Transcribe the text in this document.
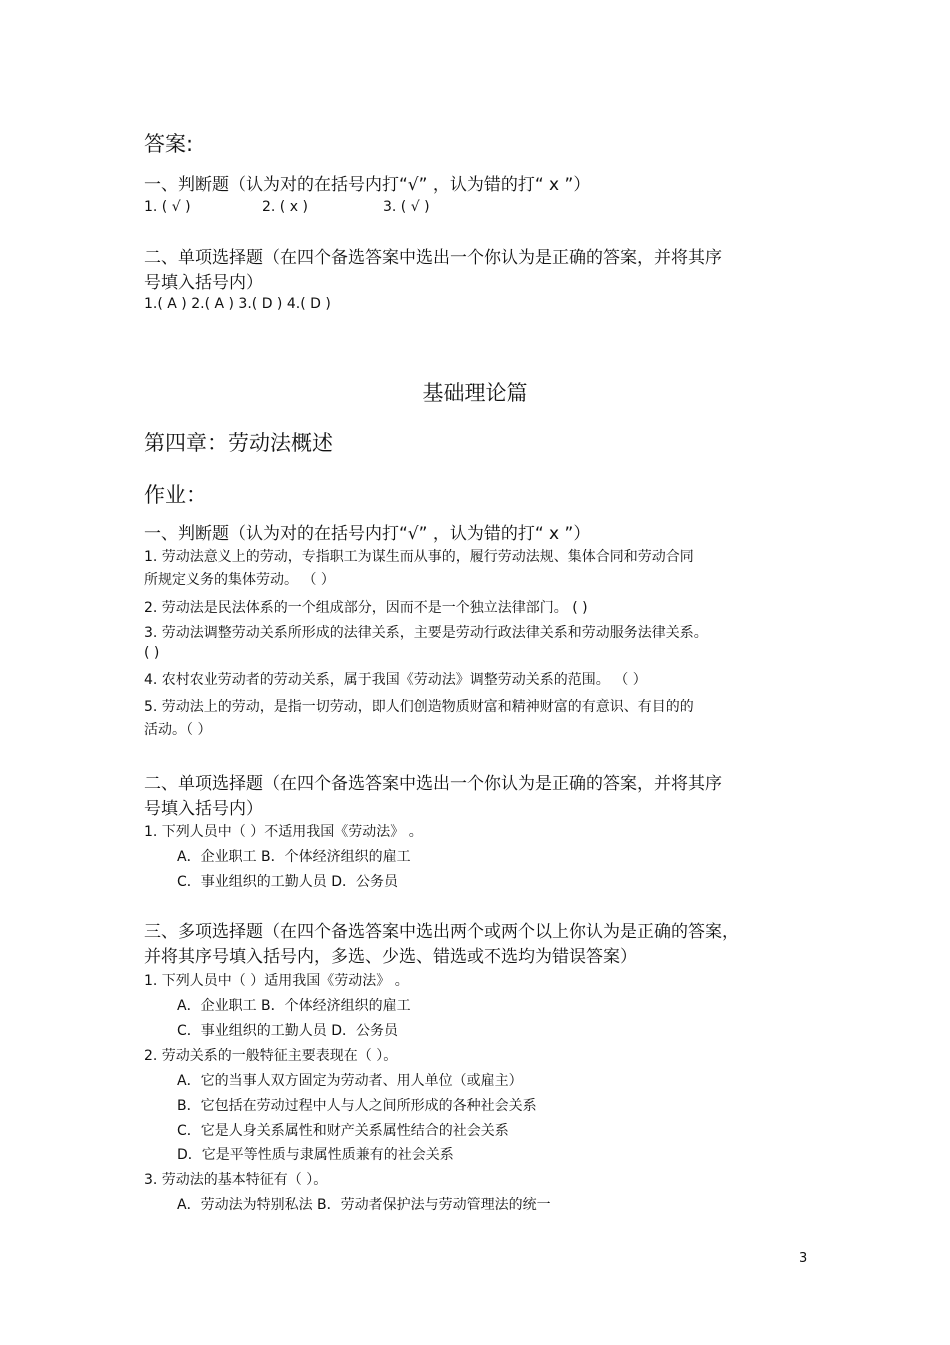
答案:
一、判断题（认为对的在括号内打“√” ，认为错的打“ x ”）
1. ( √ )	2. ( x )	3. ( √ )
二、单项选择题（在四个备选答案中选出一个你认为是正确的答案，并将其序
号填入括号内）
1.( A ) 2.( A ) 3.( D ) 4.( D )
基础理论篇
第四章：劳动法概述
作业：
一、判断题（认为对的在括号内打“√” ，认为错的打“ x ”）
1. 劳动法意义上的劳动，专指职工为谋生而从事的，履行劳动法规、集体合同和劳动合同
所规定义务的集体劳动。 （ ）
2. 劳动法是民法体系的一个组成部分，因而不是一个独立法律部门。 ( )
3. 劳动法调整劳动关系所形成的法律关系，主要是劳动行政法律关系和劳动服务法律关系。
( )
4. 农村农业劳动者的劳动关系，属于我国《劳动法》调整劳动关系的范围。 （ ）
5. 劳动法上的劳动，是指一切劳动，即人们创造物质财富和精神财富的有意识、有目的的
活动。（ ）
二、单项选择题（在四个备选答案中选出一个你认为是正确的答案，并将其序
号填入括号内）
1. 下列人员中（ ）不适用我国《劳动法》 。
A．企业职工 B．个体经济组织的雇工
C．事业组织的工勤人员 D．公务员
三、多项选择题（在四个备选答案中选出两个或两个以上你认为是正确的答案，
并将其序号填入括号内，多选、少选、错选或不选均为错误答案）
1. 下列人员中（ ）适用我国《劳动法》 。
A．企业职工 B．个体经济组织的雇工
C．事业组织的工勤人员 D．公务员
2. 劳动关系的一般特征主要表现在（ ）。
A．它的当事人双方固定为劳动者、用人单位（或雇主）
B．它包括在劳动过程中人与人之间所形成的各种社会关系
C．它是人身关系属性和财产关系属性结合的社会关系
D．它是平等性质与隶属性质兼有的社会关系
3. 劳动法的基本特征有（ ）。
A．劳动法为特别私法 B．劳动者保护法与劳动管理法的统一
3
